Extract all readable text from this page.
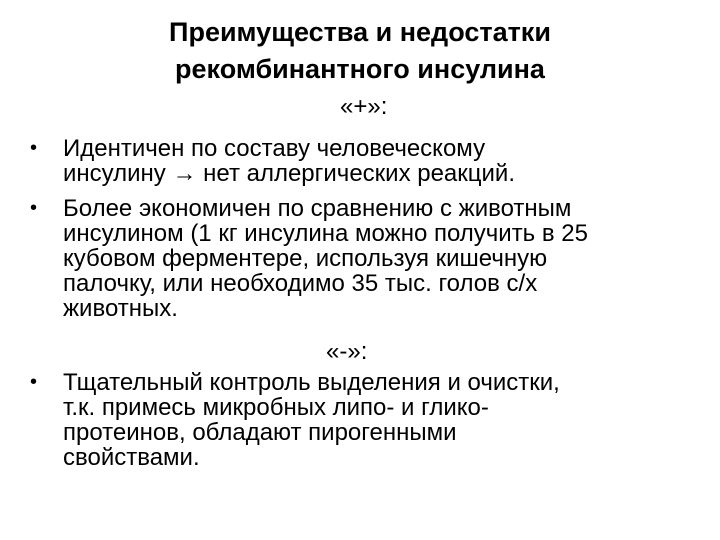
Преимущества и недостатки
рекомбинантного инсулина
«+»:
•	Идентичен по составу человеческому
инсулину → нет аллергических реакций.
•	Более экономичен по сравнению с животным
инсулином (1 кг инсулина можно получить в 25
кубовом ферментере, используя кишечную
палочку, или необходимо 35 тыс. голов с/х
животных.
«-»:
•	Тщательный контроль выделения и очистки,
т.к. примесь микробных липо- и глико-
протеинов, обладают пирогенными
свойствами.
